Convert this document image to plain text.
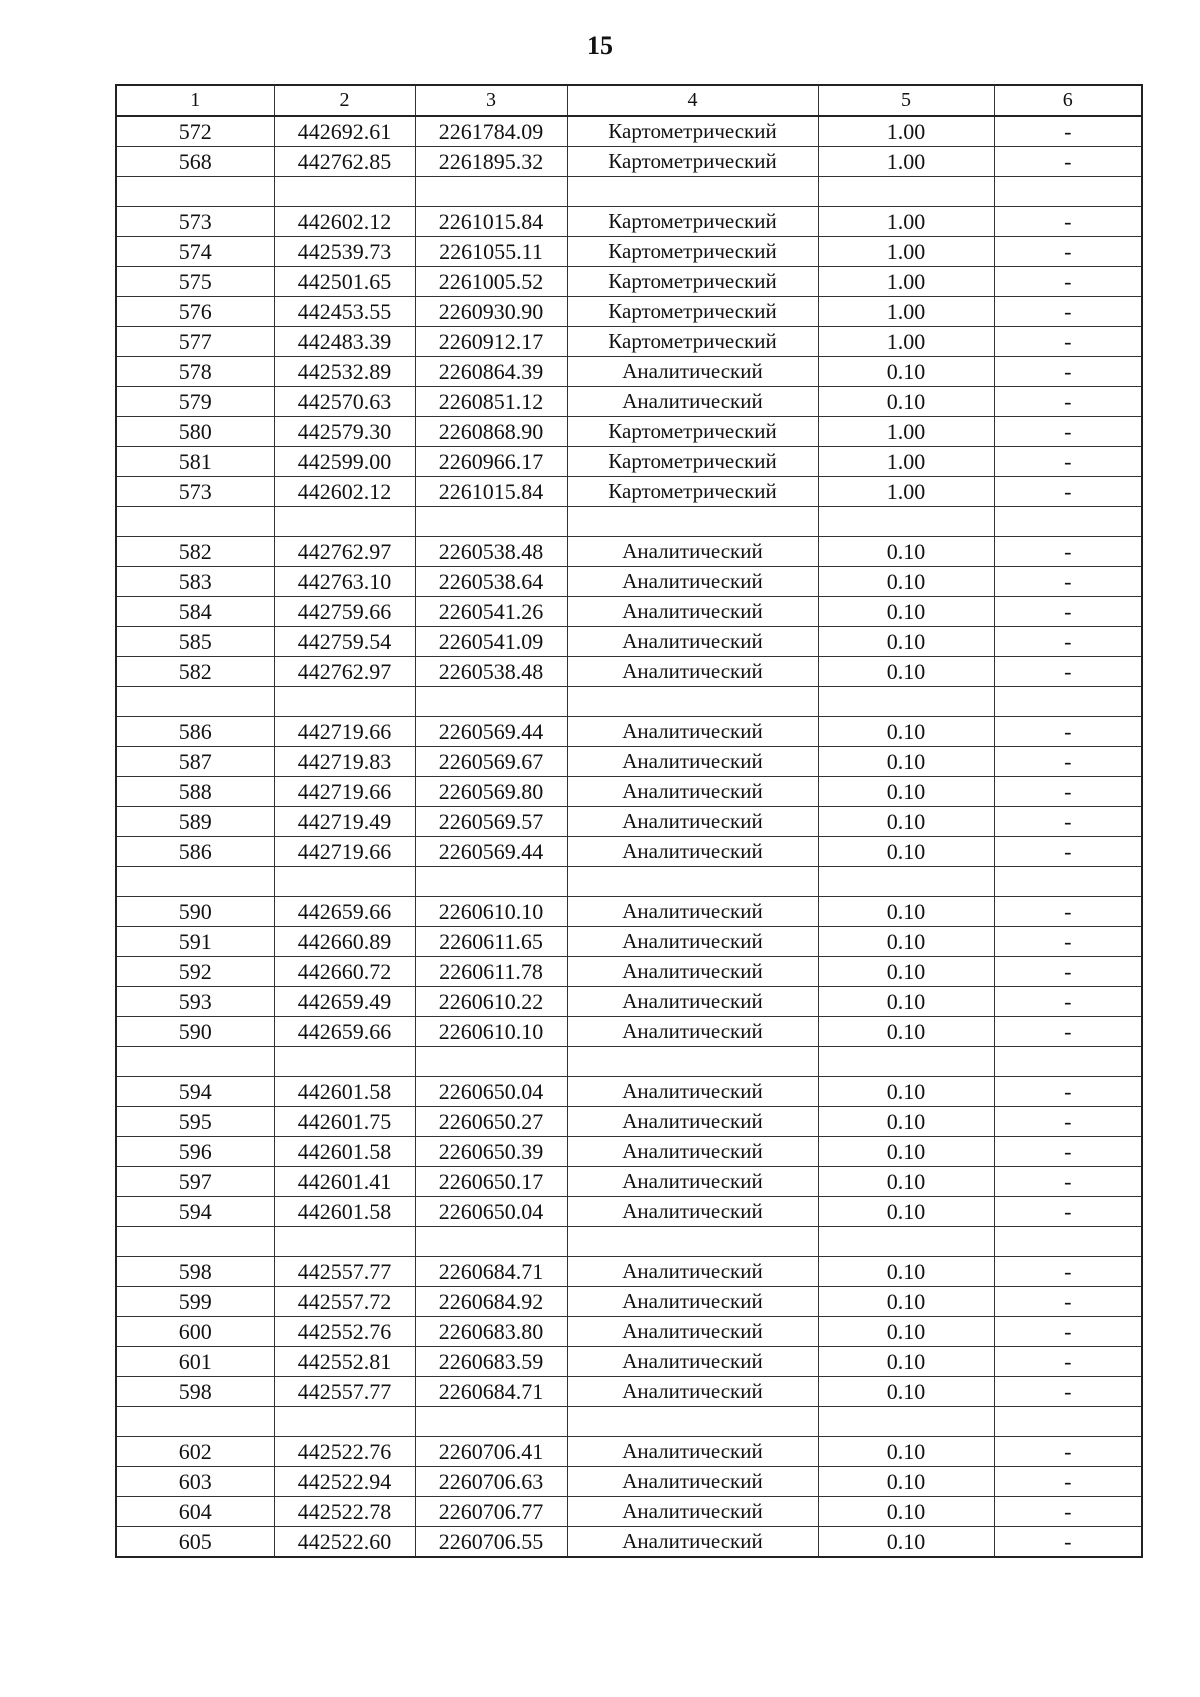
15
1	2	3	4	5	6
572	442692.61	2261784.09	Картометрический	1.00	-
568	442762.85	2261895.32	Картометрический	1.00	-

573	442602.12	2261015.84	Картометрический	1.00	-
574	442539.73	2261055.11	Картометрический	1.00	-
575	442501.65	2261005.52	Картометрический	1.00	-
576	442453.55	2260930.90	Картометрический	1.00	-
577	442483.39	2260912.17	Картометрический	1.00	-
578	442532.89	2260864.39	Аналитический	0.10	-
579	442570.63	2260851.12	Аналитический	0.10	-
580	442579.30	2260868.90	Картометрический	1.00	-
581	442599.00	2260966.17	Картометрический	1.00	-
573	442602.12	2261015.84	Картометрический	1.00	-

582	442762.97	2260538.48	Аналитический	0.10	-
583	442763.10	2260538.64	Аналитический	0.10	-
584	442759.66	2260541.26	Аналитический	0.10	-
585	442759.54	2260541.09	Аналитический	0.10	-
582	442762.97	2260538.48	Аналитический	0.10	-

586	442719.66	2260569.44	Аналитический	0.10	-
587	442719.83	2260569.67	Аналитический	0.10	-
588	442719.66	2260569.80	Аналитический	0.10	-
589	442719.49	2260569.57	Аналитический	0.10	-
586	442719.66	2260569.44	Аналитический	0.10	-

590	442659.66	2260610.10	Аналитический	0.10	-
591	442660.89	2260611.65	Аналитический	0.10	-
592	442660.72	2260611.78	Аналитический	0.10	-
593	442659.49	2260610.22	Аналитический	0.10	-
590	442659.66	2260610.10	Аналитический	0.10	-

594	442601.58	2260650.04	Аналитический	0.10	-
595	442601.75	2260650.27	Аналитический	0.10	-
596	442601.58	2260650.39	Аналитический	0.10	-
597	442601.41	2260650.17	Аналитический	0.10	-
594	442601.58	2260650.04	Аналитический	0.10	-

598	442557.77	2260684.71	Аналитический	0.10	-
599	442557.72	2260684.92	Аналитический	0.10	-
600	442552.76	2260683.80	Аналитический	0.10	-
601	442552.81	2260683.59	Аналитический	0.10	-
598	442557.77	2260684.71	Аналитический	0.10	-

602	442522.76	2260706.41	Аналитический	0.10	-
603	442522.94	2260706.63	Аналитический	0.10	-
604	442522.78	2260706.77	Аналитический	0.10	-
605	442522.60	2260706.55	Аналитический	0.10	-
